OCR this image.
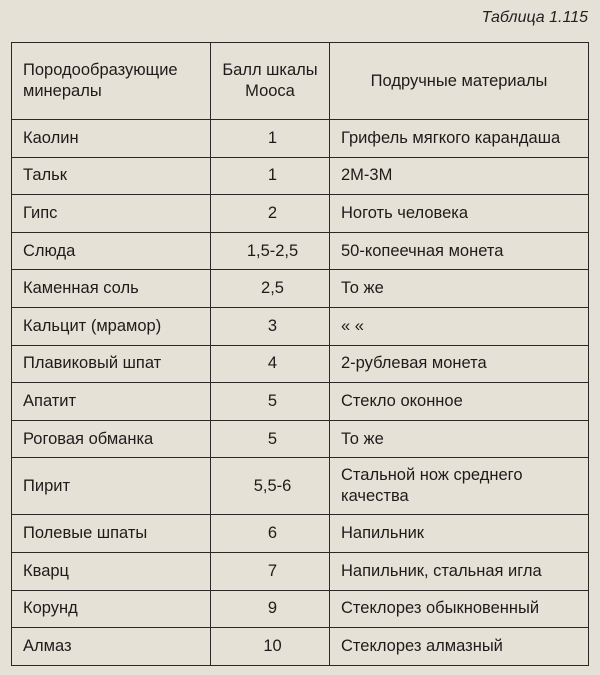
Таблица 1.115
Породообразующие минералы	Балл шкалы Мооса	Подручные материалы
Каолин	1	Грифель мягкого карандаша
Тальк	1	2М-3М
Гипс	2	Ноготь человека
Слюда	1,5-2,5	50-копеечная монета
Каменная соль	2,5	То же
Кальцит (мрамор)	3	« «
Плавиковый шпат	4	2-рублевая монета
Апатит	5	Стекло оконное
Роговая обманка	5	То же
Пирит	5,5-6	Стальной нож среднего качества
Полевые шпаты	6	Напильник
Кварц	7	Напильник, стальная игла
Корунд	9	Стеклорез обыкновенный
Алмаз	10	Стеклорез алмазный
